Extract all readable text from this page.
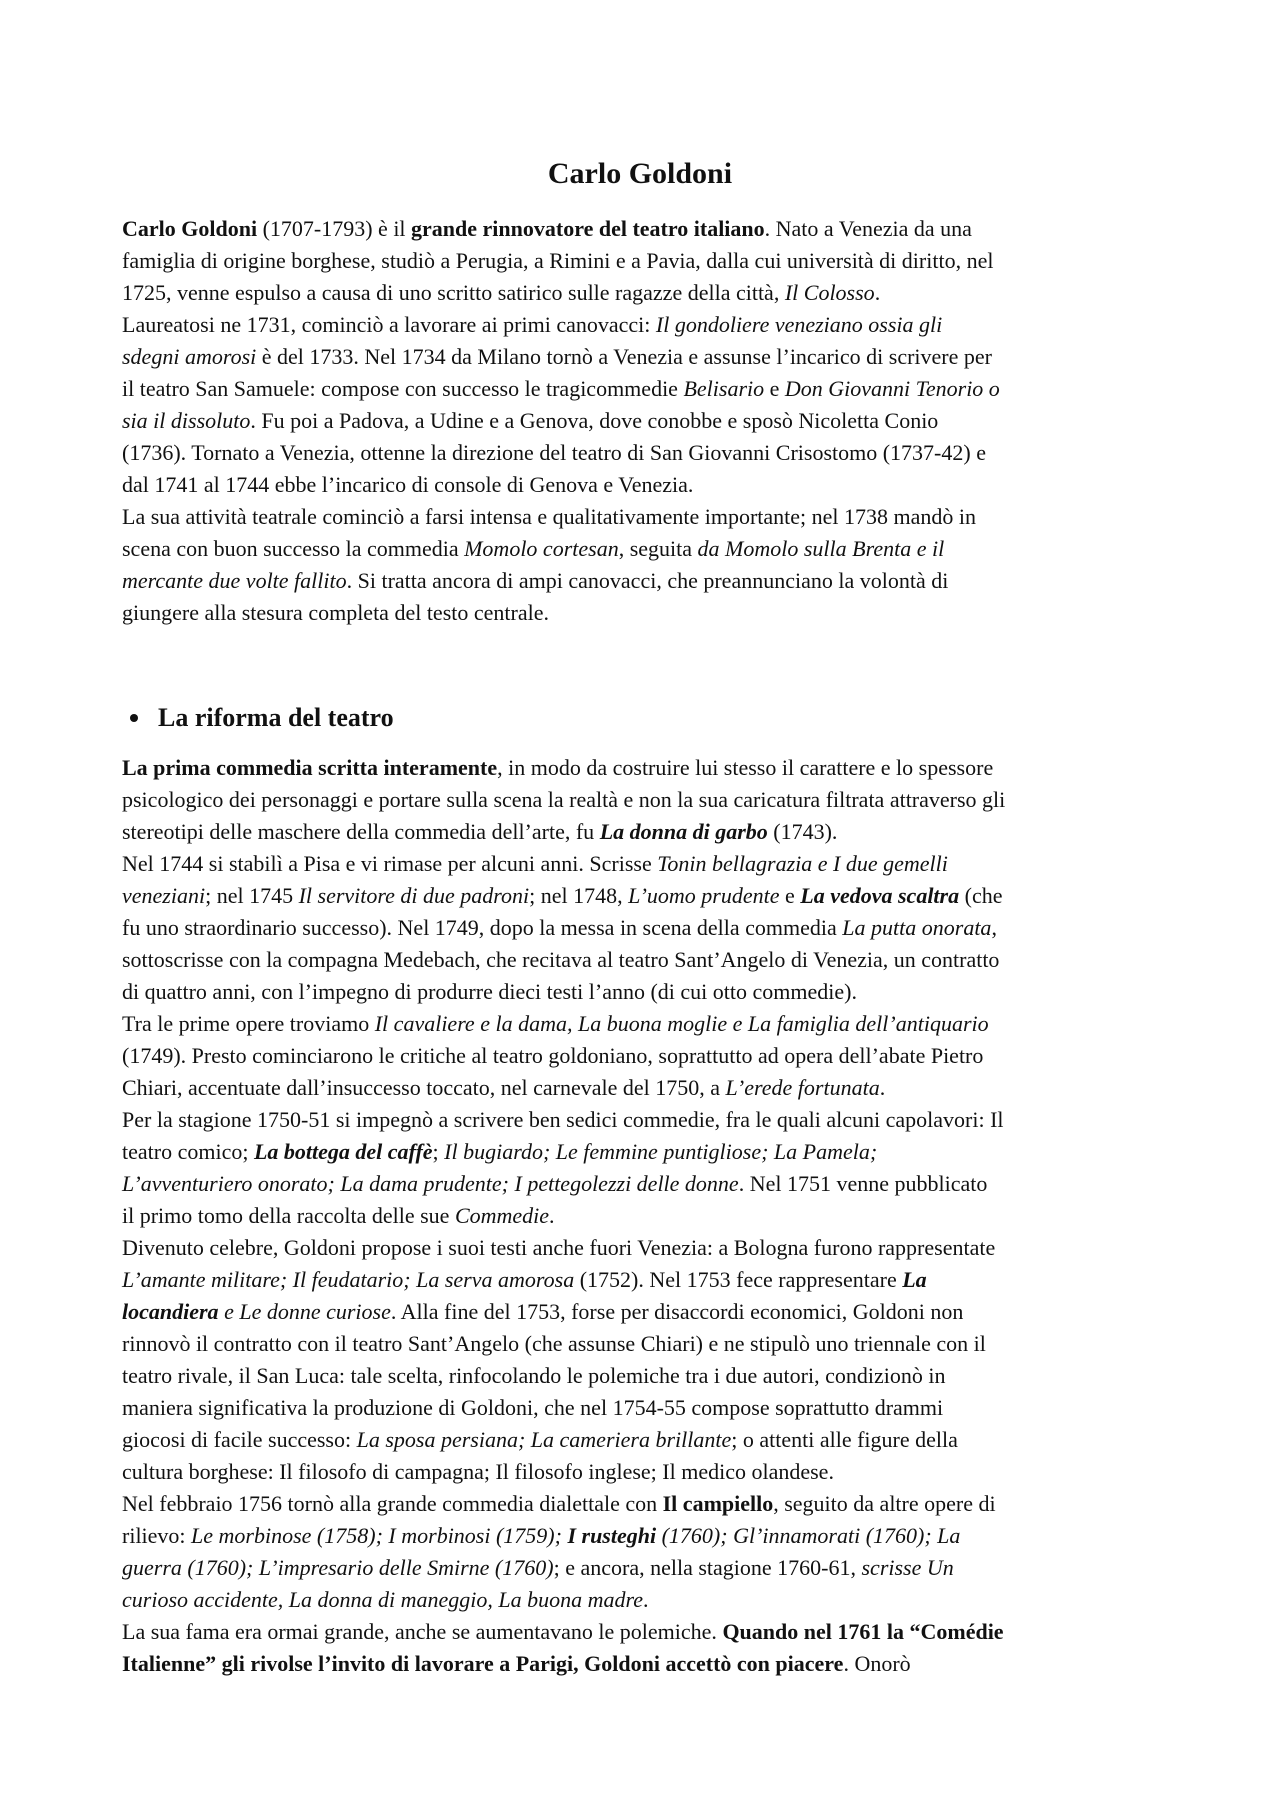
Carlo Goldoni
Carlo Goldoni (1707-1793) è il grande rinnovatore del teatro italiano. Nato a Venezia da una
famiglia di origine borghese, studiò a Perugia, a Rimini e a Pavia, dalla cui università di diritto, nel
1725, venne espulso a causa di uno scritto satirico sulle ragazze della città, Il Colosso.
Laureatosi ne 1731, cominciò a lavorare ai primi canovacci: Il gondoliere veneziano ossia gli
sdegni amorosi è del 1733. Nel 1734 da Milano tornò a Venezia e assunse l’incarico di scrivere per
il teatro San Samuele: compose con successo le tragicommedie Belisario e Don Giovanni Tenorio o
sia il dissoluto. Fu poi a Padova, a Udine e a Genova, dove conobbe e sposò Nicoletta Conio
(1736). Tornato a Venezia, ottenne la direzione del teatro di San Giovanni Crisostomo (1737-42) e
dal 1741 al 1744 ebbe l’incarico di console di Genova e Venezia.
La sua attività teatrale cominciò a farsi intensa e qualitativamente importante; nel 1738 mandò in
scena con buon successo la commedia Momolo cortesan, seguita da Momolo sulla Brenta e il
mercante due volte fallito. Si tratta ancora di ampi canovacci, che preannunciano la volontà di
giungere alla stesura completa del testo centrale.
La riforma del teatro
La prima commedia scritta interamente, in modo da costruire lui stesso il carattere e lo spessore
psicologico dei personaggi e portare sulla scena la realtà e non la sua caricatura filtrata attraverso gli
stereotipi delle maschere della commedia dell’arte, fu La donna di garbo (1743).
Nel 1744 si stabilì a Pisa e vi rimase per alcuni anni. Scrisse Tonin bellagrazia e I due gemelli
veneziani; nel 1745 Il servitore di due padroni; nel 1748, L’uomo prudente e La vedova scaltra (che
fu uno straordinario successo). Nel 1749, dopo la messa in scena della commedia La putta onorata,
sottoscrisse con la compagna Medebach, che recitava al teatro Sant’Angelo di Venezia, un contratto
di quattro anni, con l’impegno di produrre dieci testi l’anno (di cui otto commedie).
Tra le prime opere troviamo Il cavaliere e la dama, La buona moglie e La famiglia dell’antiquario
(1749). Presto cominciarono le critiche al teatro goldoniano, soprattutto ad opera dell’abate Pietro
Chiari, accentuate dall’insuccesso toccato, nel carnevale del 1750, a L’erede fortunata.
Per la stagione 1750-51 si impegnò a scrivere ben sedici commedie, fra le quali alcuni capolavori: Il
teatro comico; La bottega del caffè; Il bugiardo; Le femmine puntigliose; La Pamela;
L’avventuriero onorato; La dama prudente; I pettegolezzi delle donne. Nel 1751 venne pubblicato
il primo tomo della raccolta delle sue Commedie.
Divenuto celebre, Goldoni propose i suoi testi anche fuori Venezia: a Bologna furono rappresentate
L’amante militare; Il feudatario; La serva amorosa (1752). Nel 1753 fece rappresentare La
locandiera e Le donne curiose. Alla fine del 1753, forse per disaccordi economici, Goldoni non
rinnovò il contratto con il teatro Sant’Angelo (che assunse Chiari) e ne stipulò uno triennale con il
teatro rivale, il San Luca: tale scelta, rinfocolando le polemiche tra i due autori, condizionò in
maniera significativa la produzione di Goldoni, che nel 1754-55 compose soprattutto drammi
giocosi di facile successo: La sposa persiana; La cameriera brillante; o attenti alle figure della
cultura borghese: Il filosofo di campagna; Il filosofo inglese; Il medico olandese.
Nel febbraio 1756 tornò alla grande commedia dialettale con Il campiello, seguito da altre opere di
rilievo: Le morbinose (1758); I morbinosi (1759); I rusteghi (1760); Gl’innamorati (1760); La
guerra (1760); L’impresario delle Smirne (1760); e ancora, nella stagione 1760-61, scrisse Un
curioso accidente, La donna di maneggio, La buona madre.
La sua fama era ormai grande, anche se aumentavano le polemiche. Quando nel 1761 la “Comédie
Italienne” gli rivolse l’invito di lavorare a Parigi, Goldoni accettò con piacere. Onorò
